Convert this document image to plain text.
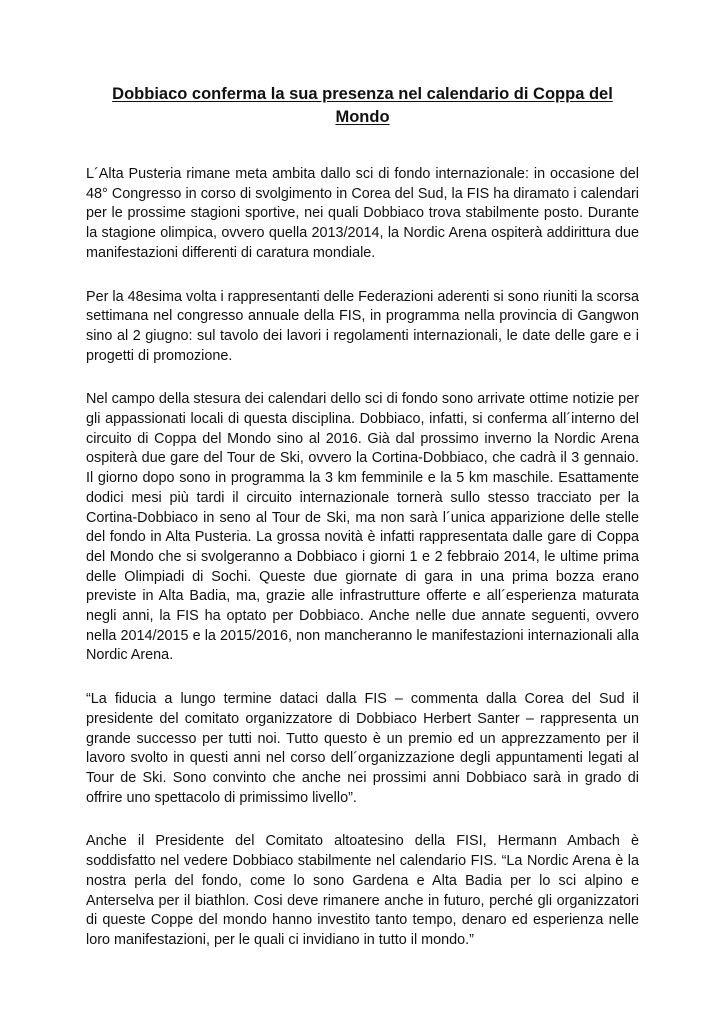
Dobbiaco conferma la sua presenza nel calendario di Coppa del Mondo

L´Alta Pusteria rimane meta ambita dallo sci di fondo internazionale: in occasione del 48° Congresso in corso di svolgimento in Corea del Sud, la FIS ha diramato i calendari per le prossime stagioni sportive, nei quali Dobbiaco trova stabilmente posto. Durante la stagione olimpica, ovvero quella 2013/2014, la Nordic Arena ospiterà addirittura due manifestazioni differenti di caratura mondiale.

Per la 48esima volta i rappresentanti delle Federazioni aderenti si sono riuniti la scorsa settimana nel congresso annuale della FIS, in programma nella provincia di Gangwon sino al 2 giugno: sul tavolo dei lavori i regolamenti internazionali, le date delle gare e i progetti di promozione.

Nel campo della stesura dei calendari dello sci di fondo sono arrivate ottime notizie per gli appassionati locali di questa disciplina. Dobbiaco, infatti, si conferma all´interno del circuito di Coppa del Mondo sino al 2016. Già dal prossimo inverno la Nordic Arena ospiterà due gare del Tour de Ski, ovvero la Cortina-Dobbiaco, che cadrà il 3 gennaio. Il giorno dopo sono in programma la 3 km femminile e la 5 km maschile. Esattamente dodici mesi più tardi il circuito internazionale tornerà sullo stesso tracciato per la Cortina-Dobbiaco in seno al Tour de Ski, ma non sarà l´unica apparizione delle stelle del fondo in Alta Pusteria. La grossa novità è infatti rappresentata dalle gare di Coppa del Mondo che si svolgeranno a Dobbiaco i giorni 1 e 2 febbraio 2014, le ultime prima delle Olimpiadi di Sochi. Queste due giornate di gara in una prima bozza erano previste in Alta Badia, ma, grazie alle infrastrutture offerte e all´esperienza maturata negli anni, la FIS ha optato per Dobbiaco. Anche nelle due annate seguenti, ovvero nella 2014/2015 e la 2015/2016, non mancheranno le manifestazioni internazionali alla Nordic Arena.

“La fiducia a lungo termine dataci dalla FIS – commenta dalla Corea del Sud il presidente del comitato organizzatore di Dobbiaco Herbert Santer – rappresenta un grande successo per tutti noi. Tutto questo è un premio ed un apprezzamento per il lavoro svolto in questi anni nel corso dell´organizzazione degli appuntamenti legati al Tour de Ski. Sono convinto che anche nei prossimi anni Dobbiaco sarà in grado di offrire uno spettacolo di primissimo livello”.

Anche il Presidente del Comitato altoatesino della FISI, Hermann Ambach è soddisfatto nel vedere Dobbiaco stabilmente nel calendario FIS. “La Nordic Arena è la nostra perla del fondo, come lo sono Gardena e Alta Badia per lo sci alpino e Anterselva per il biathlon. Cosi deve rimanere anche in futuro, perché gli organizzatori di queste Coppe del mondo hanno investito tanto tempo, denaro ed esperienza nelle loro manifestazioni, per le quali ci invidiano in tutto il mondo.”
